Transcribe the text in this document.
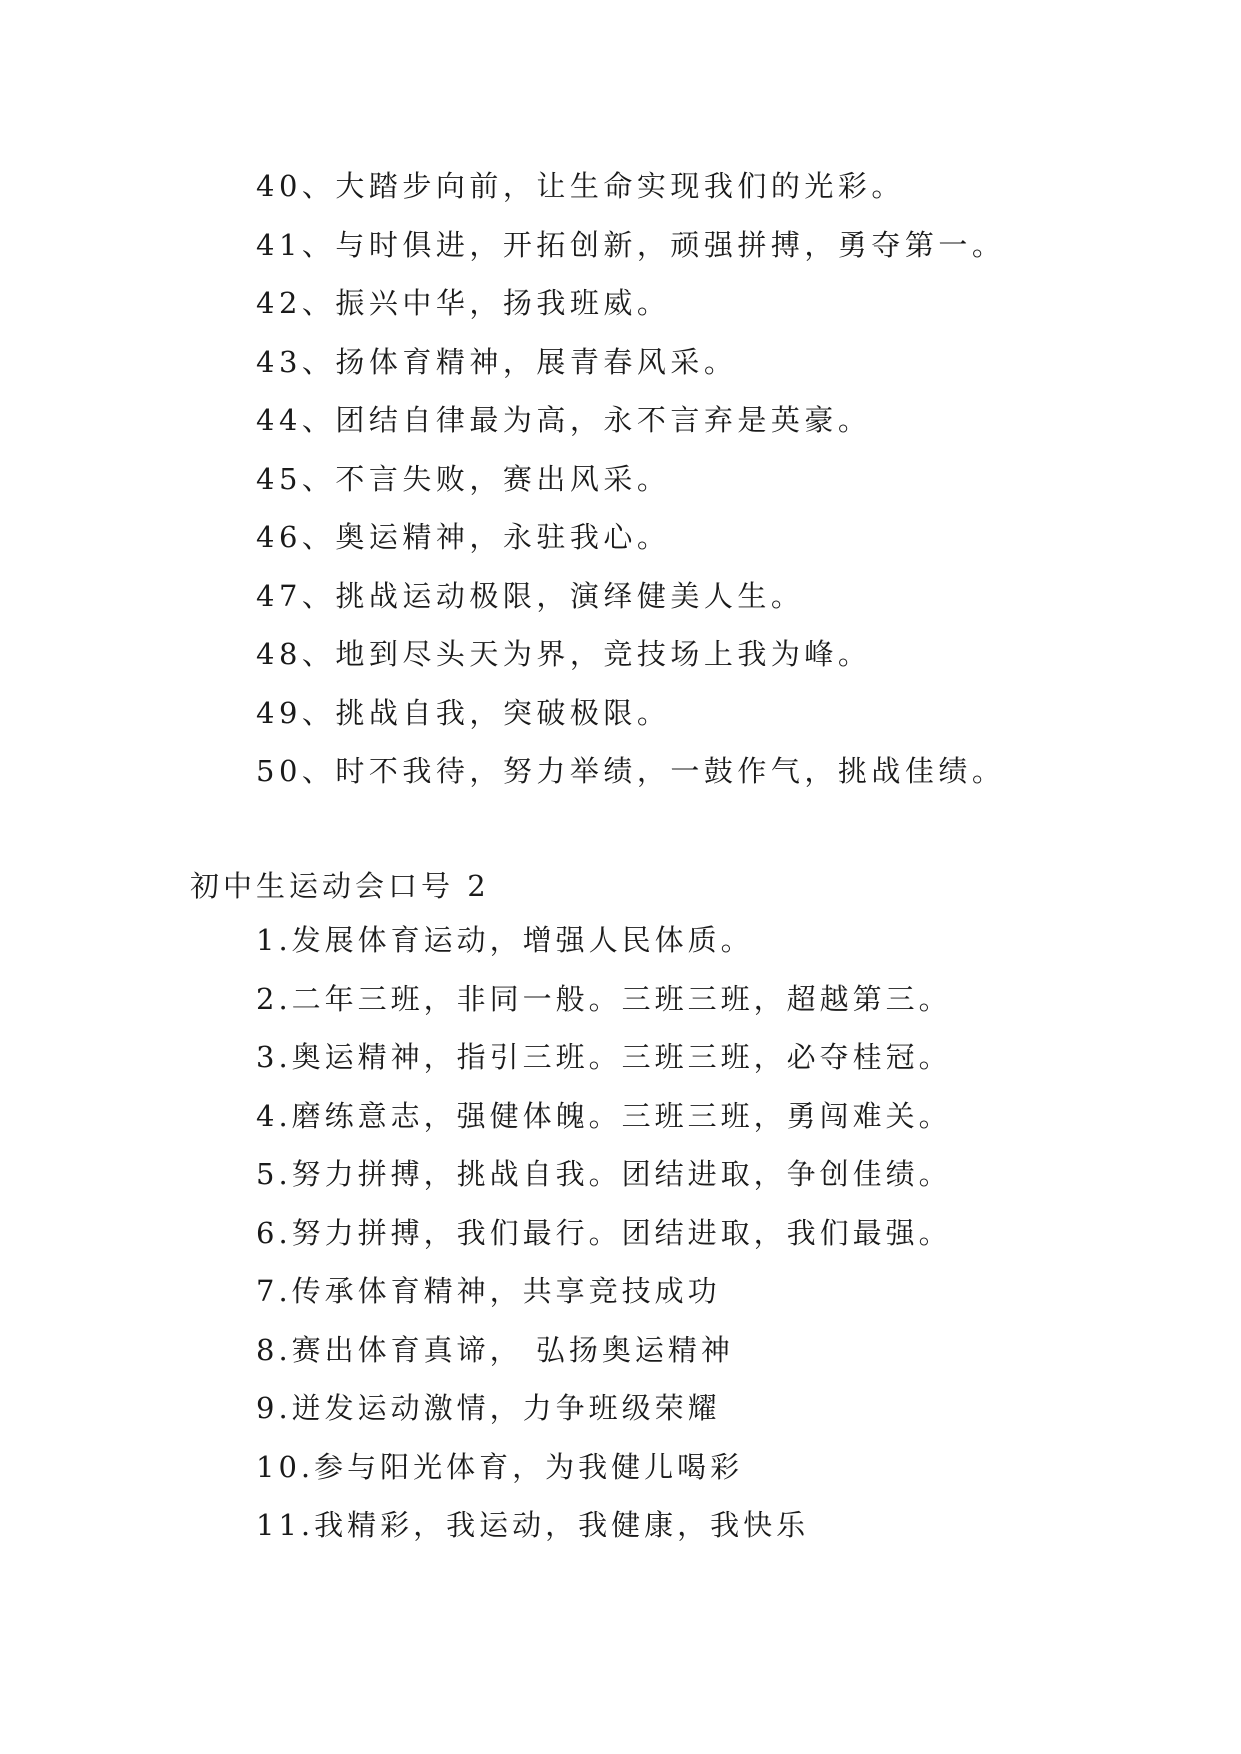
40、大踏步向前，让生命实现我们的光彩。
41、与时俱进，开拓创新，顽强拼搏，勇夺第一。
42、振兴中华，扬我班威。
43、扬体育精神，展青春风采。
44、团结自律最为高，永不言弃是英豪。
45、不言失败，赛出风采。
46、奥运精神，永驻我心。
47、挑战运动极限，演绎健美人生。
48、地到尽头天为界，竞技场上我为峰。
49、挑战自我，突破极限。
50、时不我待，努力举绩，一鼓作气，挑战佳绩。
初中生运动会口号 2
1.发展体育运动，增强人民体质。
2.二年三班，非同一般。三班三班，超越第三。
3.奥运精神，指引三班。三班三班，必夺桂冠。
4.磨练意志，强健体魄。三班三班，勇闯难关。
5.努力拼搏，挑战自我。团结进取，争创佳绩。
6.努力拼搏，我们最行。团结进取，我们最强。
7.传承体育精神，共享竞技成功
8.赛出体育真谛， 弘扬奥运精神
9.迸发运动激情，力争班级荣耀
10.参与阳光体育，为我健儿喝彩
11.我精彩，我运动，我健康，我快乐
